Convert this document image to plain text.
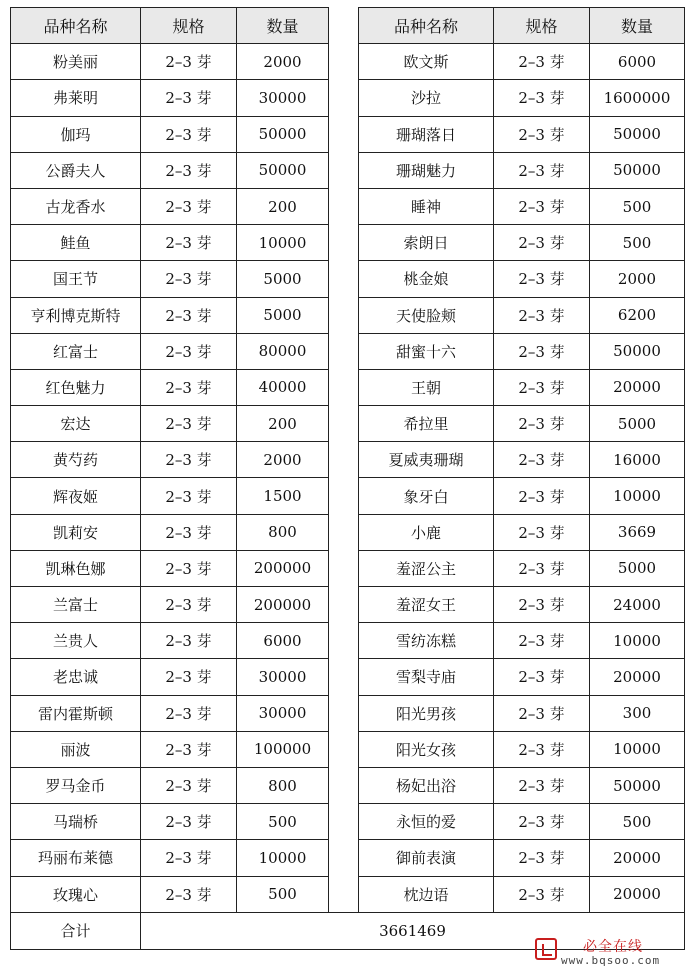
品种名称	规格	数量		品种名称	规格	数量
粉美丽	2–3 芽	2000		欧文斯	2–3 芽	6000
弗莱明	2–3 芽	30000		沙拉	2–3 芽	1600000
伽玛	2–3 芽	50000		珊瑚落日	2–3 芽	50000
公爵夫人	2–3 芽	50000		珊瑚魅力	2–3 芽	50000
古龙香水	2–3 芽	200		睡神	2–3 芽	500
鲑鱼	2–3 芽	10000		索朗日	2–3 芽	500
国王节	2–3 芽	5000		桃金娘	2–3 芽	2000
亨利博克斯特	2–3 芽	5000		天使脸颊	2–3 芽	6200
红富士	2–3 芽	80000		甜蜜十六	2–3 芽	50000
红色魅力	2–3 芽	40000		王朝	2–3 芽	20000
宏达	2–3 芽	200		希拉里	2–3 芽	5000
黄芍药	2–3 芽	2000		夏威夷珊瑚	2–3 芽	16000
辉夜姬	2–3 芽	1500		象牙白	2–3 芽	10000
凯莉安	2–3 芽	800		小鹿	2–3 芽	3669
凯琳色娜	2–3 芽	200000		羞涩公主	2–3 芽	5000
兰富士	2–3 芽	200000		羞涩女王	2–3 芽	24000
兰贵人	2–3 芽	6000		雪纺冻糕	2–3 芽	10000
老忠诚	2–3 芽	30000		雪梨寺庙	2–3 芽	20000
雷内霍斯顿	2–3 芽	30000		阳光男孩	2–3 芽	300
丽波	2–3 芽	100000		阳光女孩	2–3 芽	10000
罗马金币	2–3 芽	800		杨妃出浴	2–3 芽	50000
马瑞桥	2–3 芽	500		永恒的爱	2–3 芽	500
玛丽布莱德	2–3 芽	10000		御前表演	2–3 芽	20000
玫瑰心	2–3 芽	500		枕边语	2–3 芽	20000
合计	3661469					
必全在线
www.bqsoo.com
